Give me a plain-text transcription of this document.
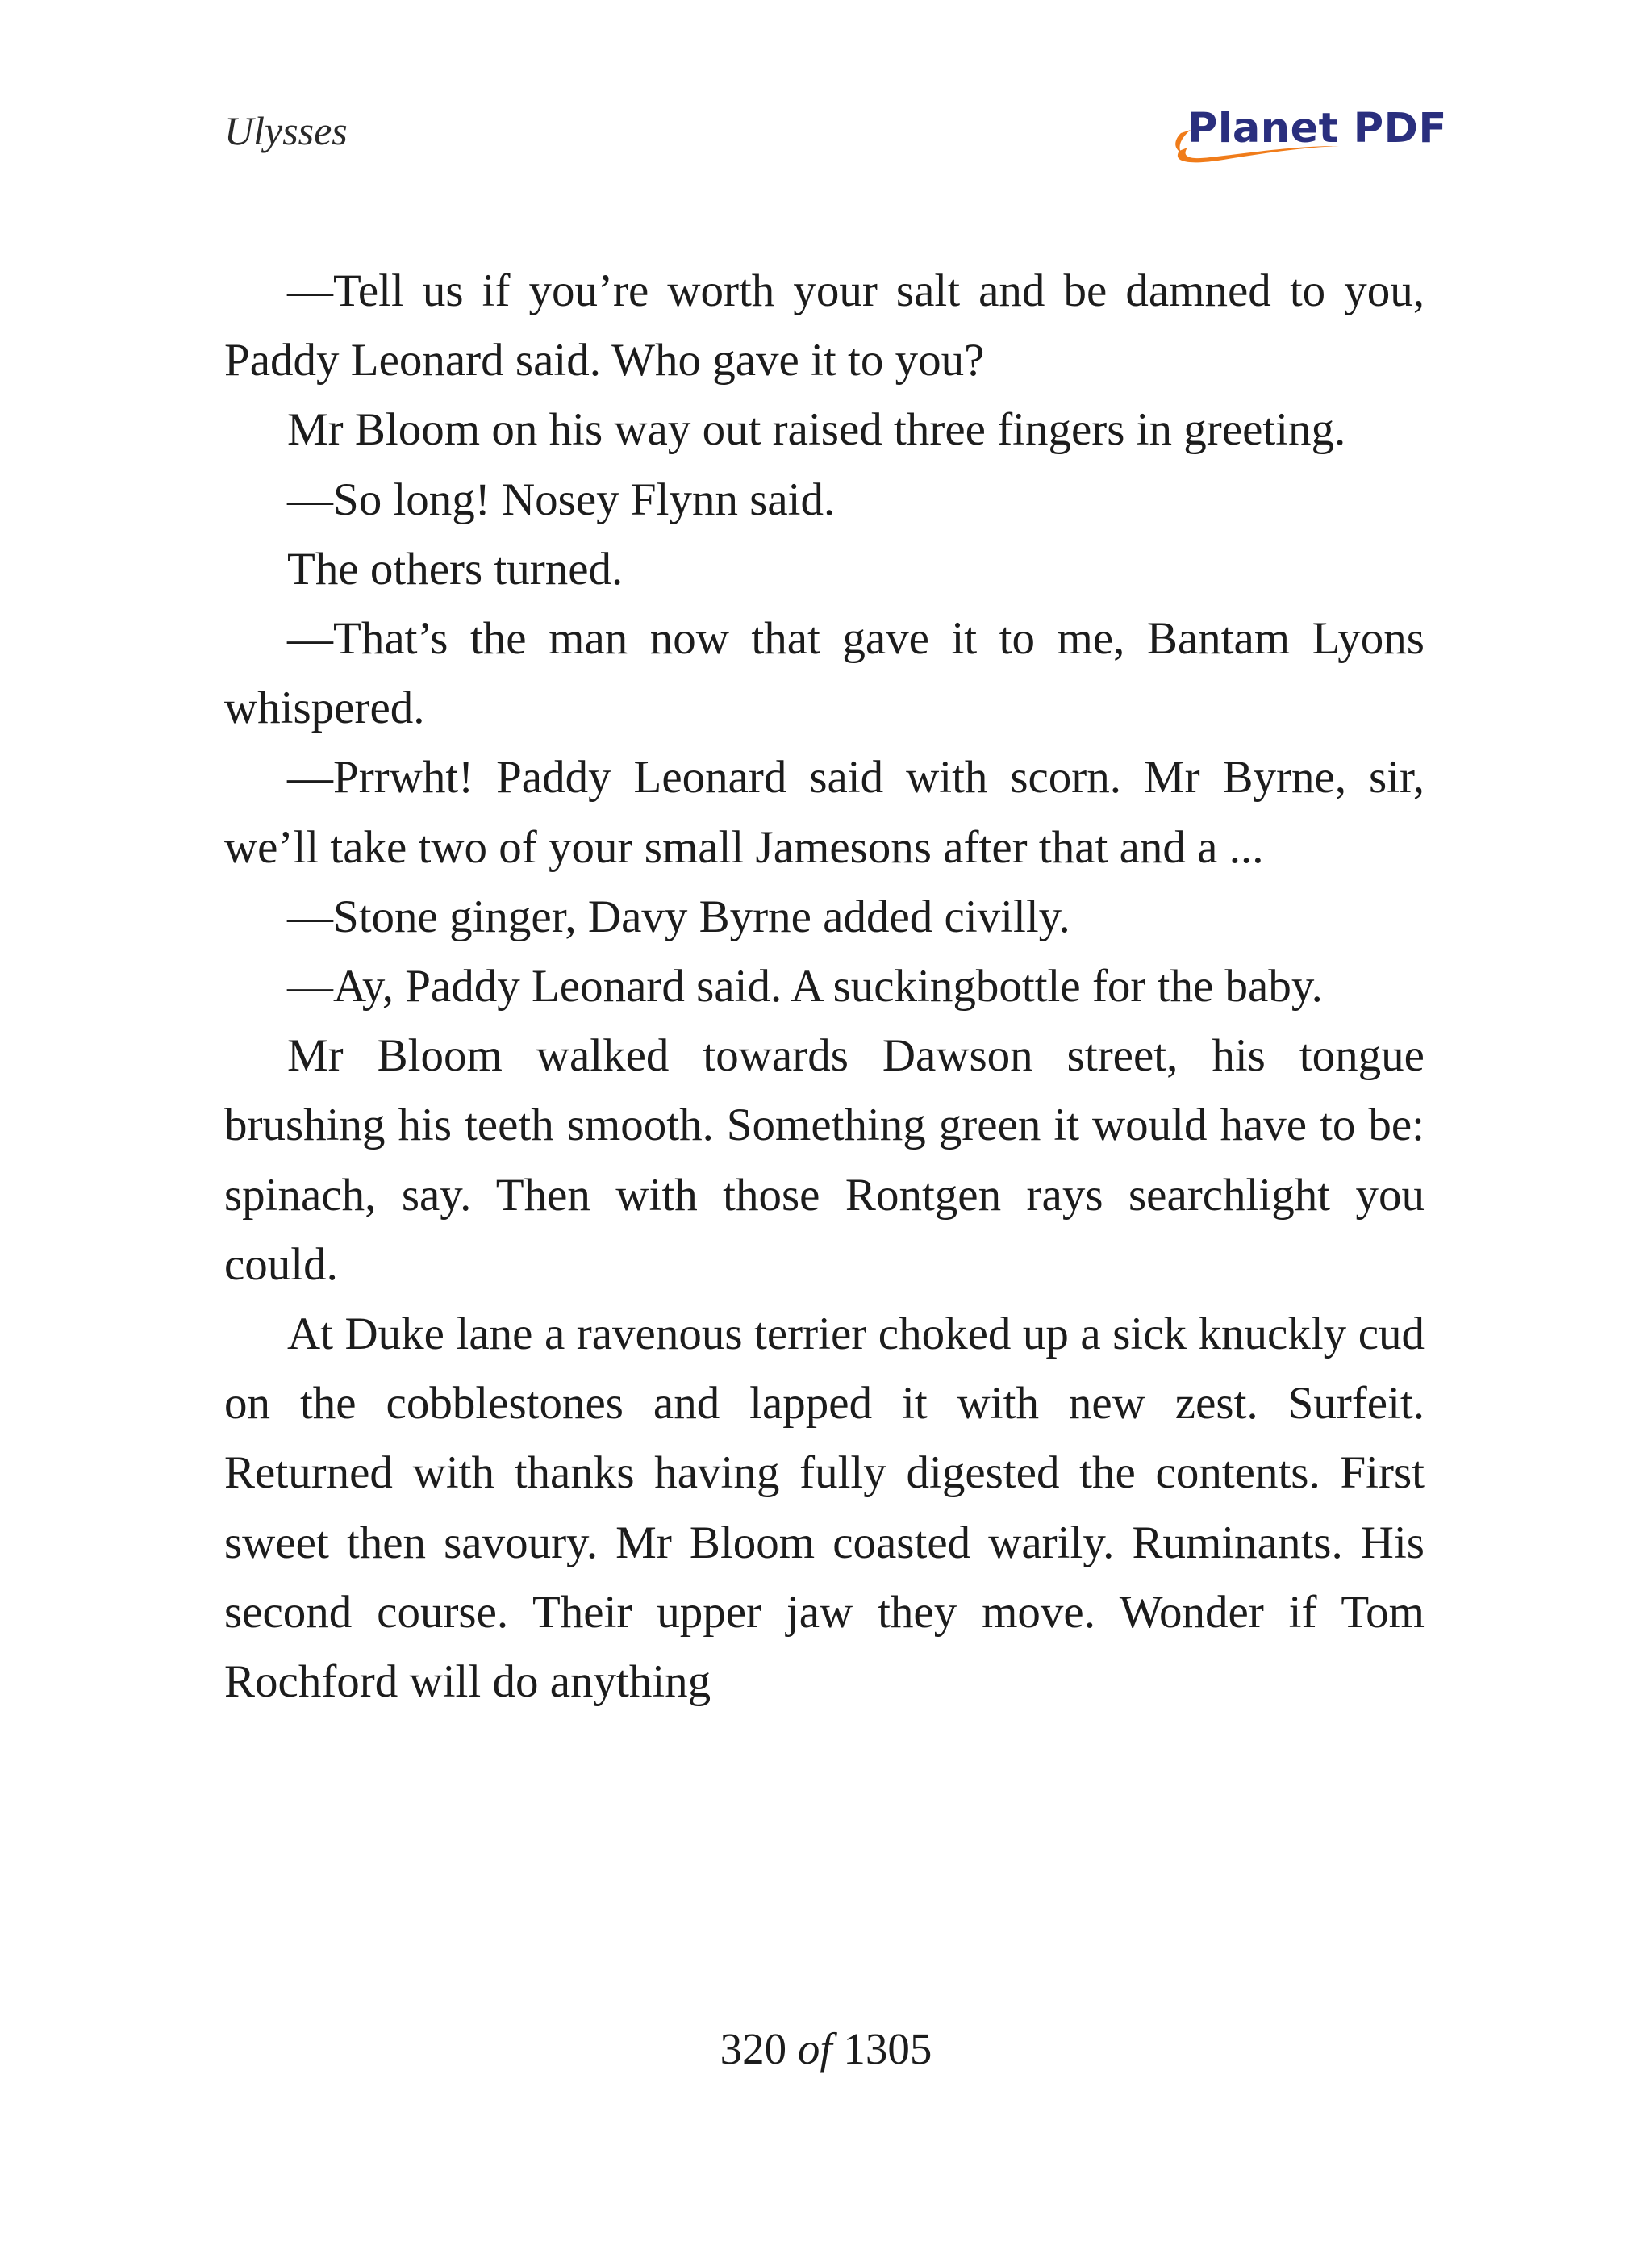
Ulysses	Planet PDF

—Tell us if you’re worth your salt and be damned to you, Paddy Leonard said. Who gave it to you?

Mr Bloom on his way out raised three fingers in greeting.

—So long! Nosey Flynn said.

The others turned.

—That’s the man now that gave it to me, Bantam Lyons whispered.

—Prrwht! Paddy Leonard said with scorn. Mr Byrne, sir, we’ll take two of your small Jamesons after that and a ...

—Stone ginger, Davy Byrne added civilly.

—Ay, Paddy Leonard said. A suckingbottle for the baby.

Mr Bloom walked towards Dawson street, his tongue brushing his teeth smooth. Something green it would have to be: spinach, say. Then with those Rontgen rays searchlight you could.

At Duke lane a ravenous terrier choked up a sick knuckly cud on the cobblestones and lapped it with new zest. Surfeit. Returned with thanks having fully digested the contents. First sweet then savoury. Mr Bloom coasted warily. Ruminants. His second course. Their upper jaw they move. Wonder if Tom Rochford will do anything

320 of 1305
